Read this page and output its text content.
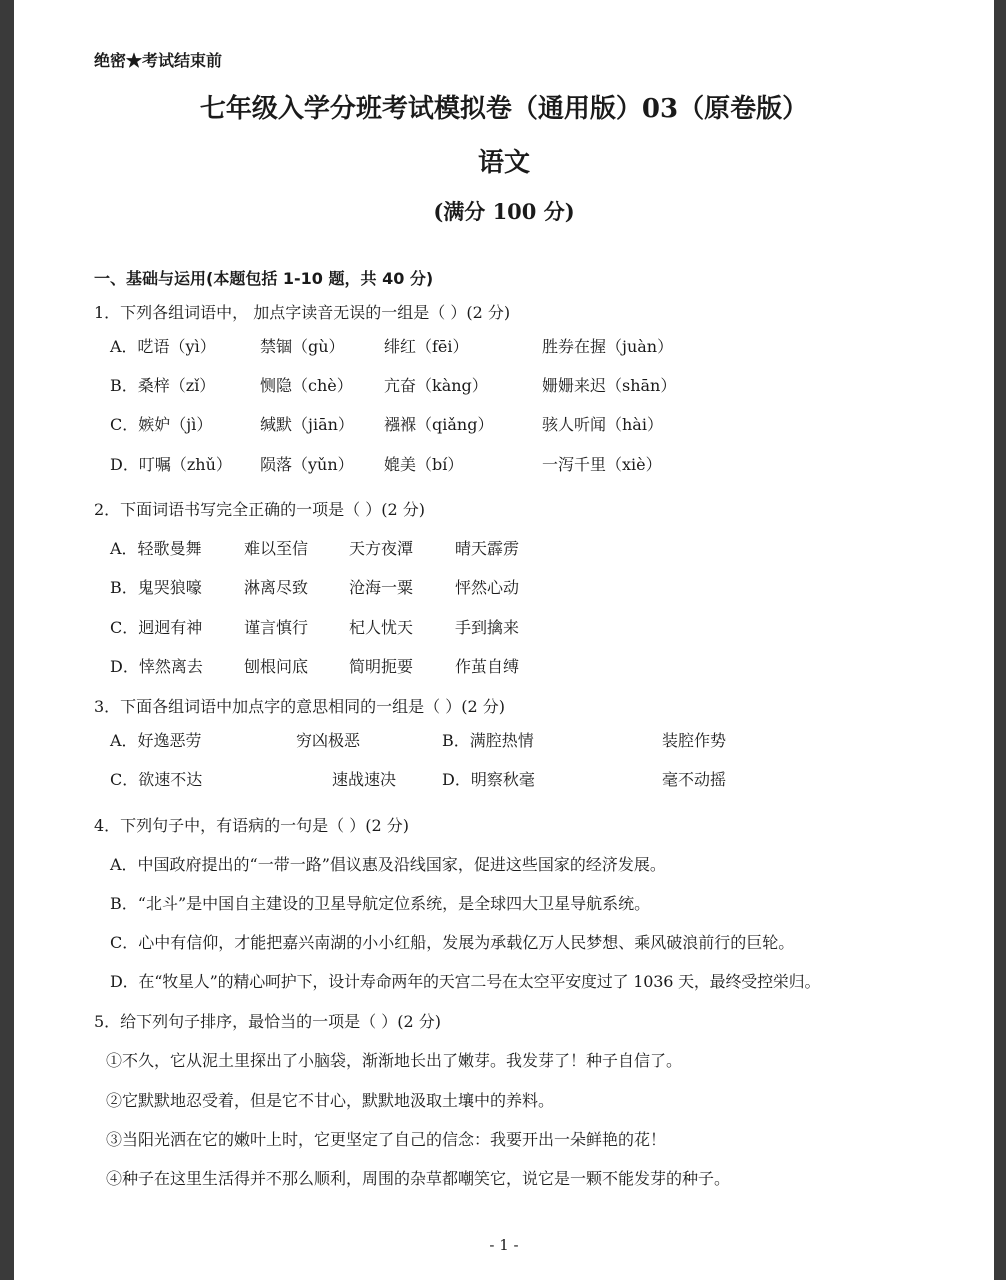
绝密★考试结束前
七年级入学分班考试模拟卷（通用版）03（原卷版）
语文
(满分 100 分)
一、基础与运用(本题包括 1-10 题，共 40 分)
1．下列各组词语中， 加点字读音无误的一组是（ ）(2 分)
A．呓语（yì）	禁锢（gù） 绯红（fēi）	胜券在握（juàn）
B．桑梓（zǐ）	恻隐（chè） 亢奋（kàng）	姗姗来迟（shān）
C．嫉妒（jì）	缄默（jiān） 襁褓（qiǎng）	骇人听闻（hài）
D．叮嘱（zhǔ） 陨落（yǔn） 媲美（bí）	一泻千里（xiè）
2．下面词语书写完全正确的一项是（ ）(2 分)
A．轻歌曼舞	难以至信	天方夜潭	晴天霹雳
B．鬼哭狼嚎	淋离尽致	沧海一粟	怦然心动
C．迥迥有神	谨言慎行	杞人忧天	手到擒来
D．悻然离去	刨根问底	简明扼要	作茧自缚
3．下面各组词语中加点字的意思相同的一组是（ ）(2 分)
A．好逸恶劳	穷凶极恶	B．满腔热情	装腔作势
C．欲速不达	速战速决	D．明察秋毫	毫不动摇
4．下列句子中，有语病的一句是（ ）(2 分)
A．中国政府提出的“一带一路”倡议惠及沿线国家，促进这些国家的经济发展。
B．“北斗”是中国自主建设的卫星导航定位系统，是全球四大卫星导航系统。
C．心中有信仰，才能把嘉兴南湖的小小红船，发展为承载亿万人民梦想、乘风破浪前行的巨轮。
D．在“牧星人”的精心呵护下，设计寿命两年的天宫二号在太空平安度过了 1036 天，最终受控栄归。
5．给下列句子排序，最恰当的一项是（ ）(2 分)
①不久，它从泥土里探出了小脑袋，渐渐地长出了嫩芽。我发芽了！种子自信了。
②它默默地忍受着，但是它不甘心，默默地汲取土壤中的养料。
③当阳光洒在它的嫩叶上时，它更坚定了自己的信念：我要开出一朵鲜艳的花！
④种子在这里生活得并不那么顺利，周围的杂草都嘲笑它，说它是一颗不能发芽的种子。
- 1 -
